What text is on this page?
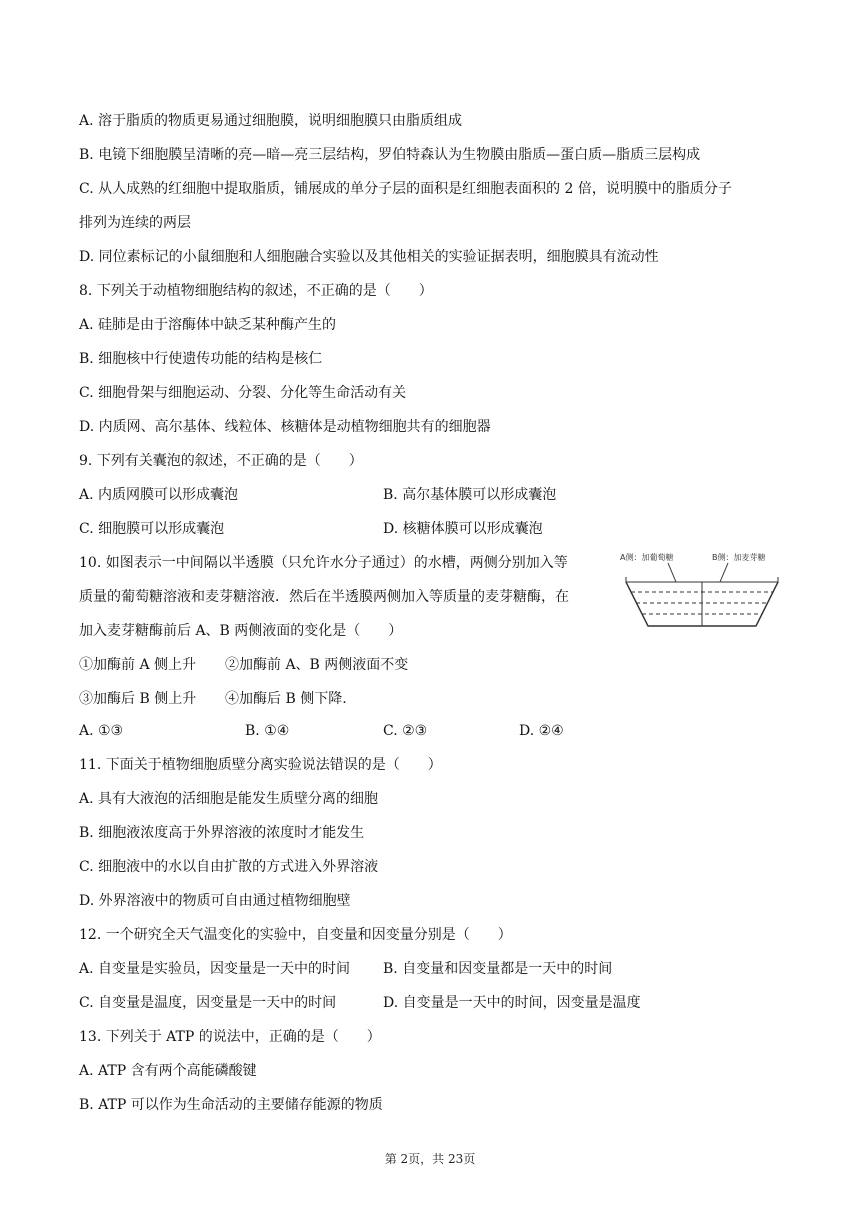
A. 溶于脂质的物质更易通过细胞膜，说明细胞膜只由脂质组成
B. 电镜下细胞膜呈清晰的亮—暗—亮三层结构，罗伯特森认为生物膜由脂质—蛋白质—脂质三层构成
C. 从人成熟的红细胞中提取脂质，铺展成的单分子层的面积是红细胞表面积的 2 倍，说明膜中的脂质分子
排列为连续的两层
D. 同位素标记的小鼠细胞和人细胞融合实验以及其他相关的实验证据表明，细胞膜具有流动性
8. 下列关于动植物细胞结构的叙述，不正确的是（　　）
A. 硅肺是由于溶酶体中缺乏某种酶产生的
B. 细胞核中行使遗传功能的结构是核仁
C. 细胞骨架与细胞运动、分裂、分化等生命活动有关
D. 内质网、高尔基体、线粒体、核糖体是动植物细胞共有的细胞器
9. 下列有关囊泡的叙述，不正确的是（　　）
A. 内质网膜可以形成囊泡	B. 高尔基体膜可以形成囊泡
C. 细胞膜可以形成囊泡	D. 核糖体膜可以形成囊泡
10. 如图表示一中间隔以半透膜（只允许水分子通过）的水槽，两侧分别加入等
质量的葡萄糖溶液和麦芽糖溶液．然后在半透膜两侧加入等质量的麦芽糖酶，在
加入麦芽糖酶前后 A、B 两侧液面的变化是（　　）
A侧：加葡萄糖	B侧：加麦芽糖
①加酶前 A 侧上升 ②加酶前 A、B 两侧液面不变
③加酶后 B 侧上升 ④加酶后 B 侧下降.
A. ①③	B. ①④	C. ②③	D. ②④
11. 下面关于植物细胞质壁分离实验说法错误的是（　　）
A. 具有大液泡的活细胞是能发生质壁分离的细胞
B. 细胞液浓度高于外界溶液的浓度时才能发生
C. 细胞液中的水以自由扩散的方式进入外界溶液
D. 外界溶液中的物质可自由通过植物细胞壁
12. 一个研究全天气温变化的实验中，自变量和因变量分别是（　　）
A. 自变量是实验员，因变量是一天中的时间 B. 自变量和因变量都是一天中的时间
C. 自变量是温度，因变量是一天中的时间	D. 自变量是一天中的时间，因变量是温度
13. 下列关于 ATP 的说法中，正确的是（　　）
A. ATP 含有两个高能磷酸键
B. ATP 可以作为生命活动的主要储存能源的物质
第 2页，共 23页
